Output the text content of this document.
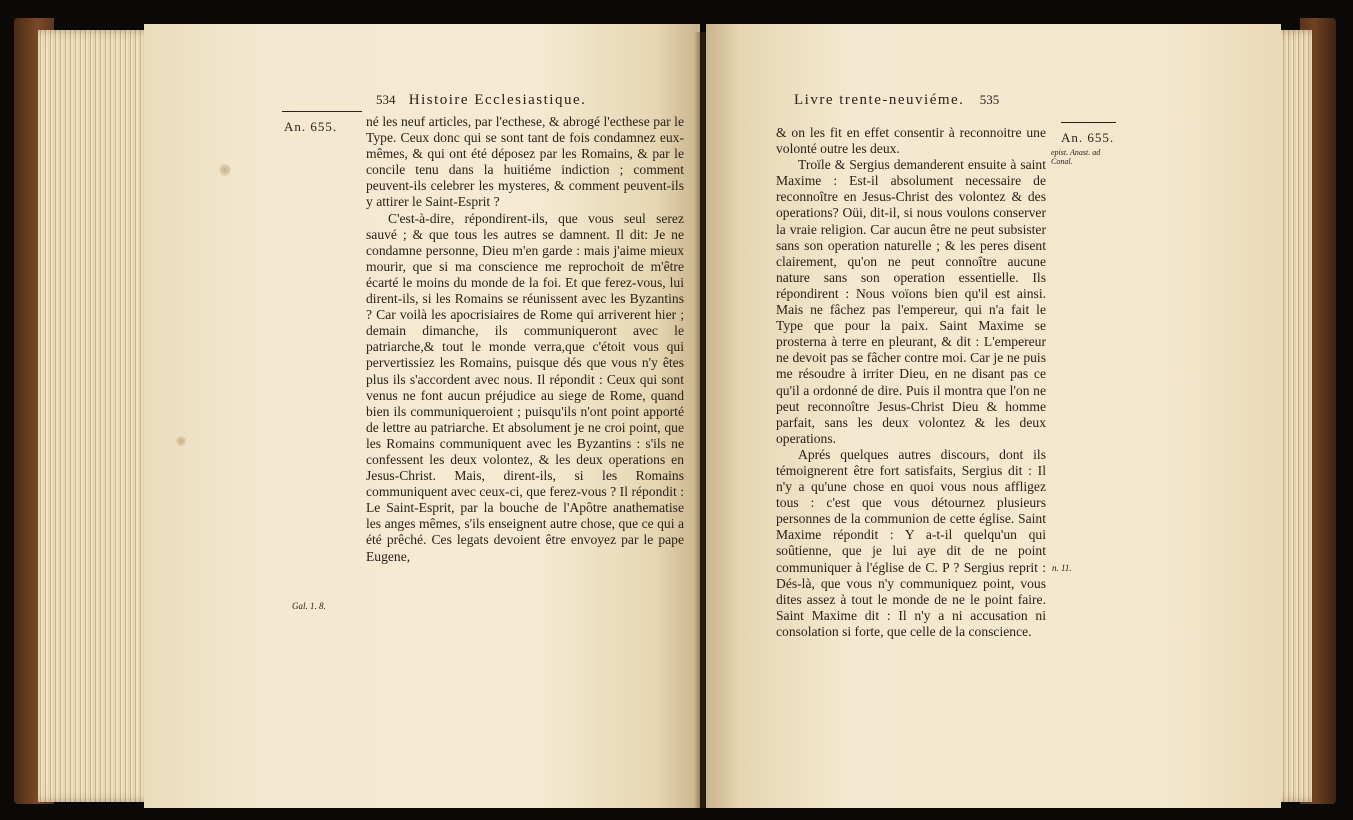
534 Histoire Ecclesiastique.
An. 655.
Gal. 1. 8.

né les neuf articles, par l'ecthese, & abrogé l'ecthese par le Type. Ceux donc qui se sont tant de fois condamnez eux-mêmes, & qui ont été déposez par les Romains, & par le concile tenu dans la huitiéme indiction ; comment peuvent-ils celebrer les mysteres, & comment peuvent-ils y attirer le Saint-Esprit ?

C'est-à-dire, répondirent-ils, que vous seul serez sauvé ; & que tous les autres se damnent. Il dit: Je ne condamne personne, Dieu m'en garde : mais j'aime mieux mourir, que si ma conscience me reprochoit de m'être écarté le moins du monde de la foi. Et que ferez-vous, lui dirent-ils, si les Romains se réunissent avec les Byzantins ? Car voilà les apocrisiaires de Rome qui arriverent hier ; demain dimanche, ils communiqueront avec le patriarche,& tout le monde verra,que c'étoit vous qui pervertissiez les Romains, puisque dés que vous n'y êtes plus ils s'accordent avec nous. Il répondit : Ceux qui sont venus ne font aucun préjudice au siege de Rome, quand bien ils communiqueroient ; puisqu'ils n'ont point apporté de lettre au patriarche. Et absolument je ne croi point, que les Romains communiquent avec les Byzantins : s'ils ne confessent les deux volontez, & les deux operations en Jesus-Christ. Mais, dirent-ils, si les Romains communiquent avec ceux-ci, que ferez-vous ? Il répondit : Le Saint-Esprit, par la bouche de l'Apôtre anathematise les anges mêmes, s'ils enseignent autre chose, que ce qui a été prêché. Ces legats devoient être envoyez par le pape Eugene,

Livre trente-neuviéme. 535
An. 655.
epist. Anast. ad Conal.
n. 11.

& on les fit en effet consentir à reconnoitre une volonté outre les deux.

Troïle & Sergius demanderent ensuite à saint Maxime : Est-il absolument necessaire de reconnoître en Jesus-Christ des volontez & des operations? Oüi, dit-il, si nous voulons conserver la vraie religion. Car aucun être ne peut subsister sans son operation naturelle ; & les peres disent clairement, qu'on ne peut connoître aucune nature sans son operation essentielle. Ils répondirent : Nous voïons bien qu'il est ainsi. Mais ne fâchez pas l'empereur, qui n'a fait le Type que pour la paix. Saint Maxime se prosterna à terre en pleurant, & dit : L'empereur ne devoit pas se fâcher contre moi. Car je ne puis me résoudre à irriter Dieu, en ne disant pas ce qu'il a ordonné de dire. Puis il montra que l'on ne peut reconnoître Jesus-Christ Dieu & homme parfait, sans les deux volontez & les deux operations.

Aprés quelques autres discours, dont ils témoignerent être fort satisfaits, Sergius dit : Il n'y a qu'une chose en quoi vous nous affligez tous : c'est que vous détournez plusieurs personnes de la communion de cette église. Saint Maxime répondit : Y a-t-il quelqu'un qui soûtienne, que je lui aye dit de ne point communiquer à l'église de C. P ? Sergius reprit : Dés-là, que vous n'y communiquez point, vous dites assez à tout le monde de ne le point faire. Saint Maxime dit : Il n'y a ni accusation ni consolation si forte, que celle de la conscience.
